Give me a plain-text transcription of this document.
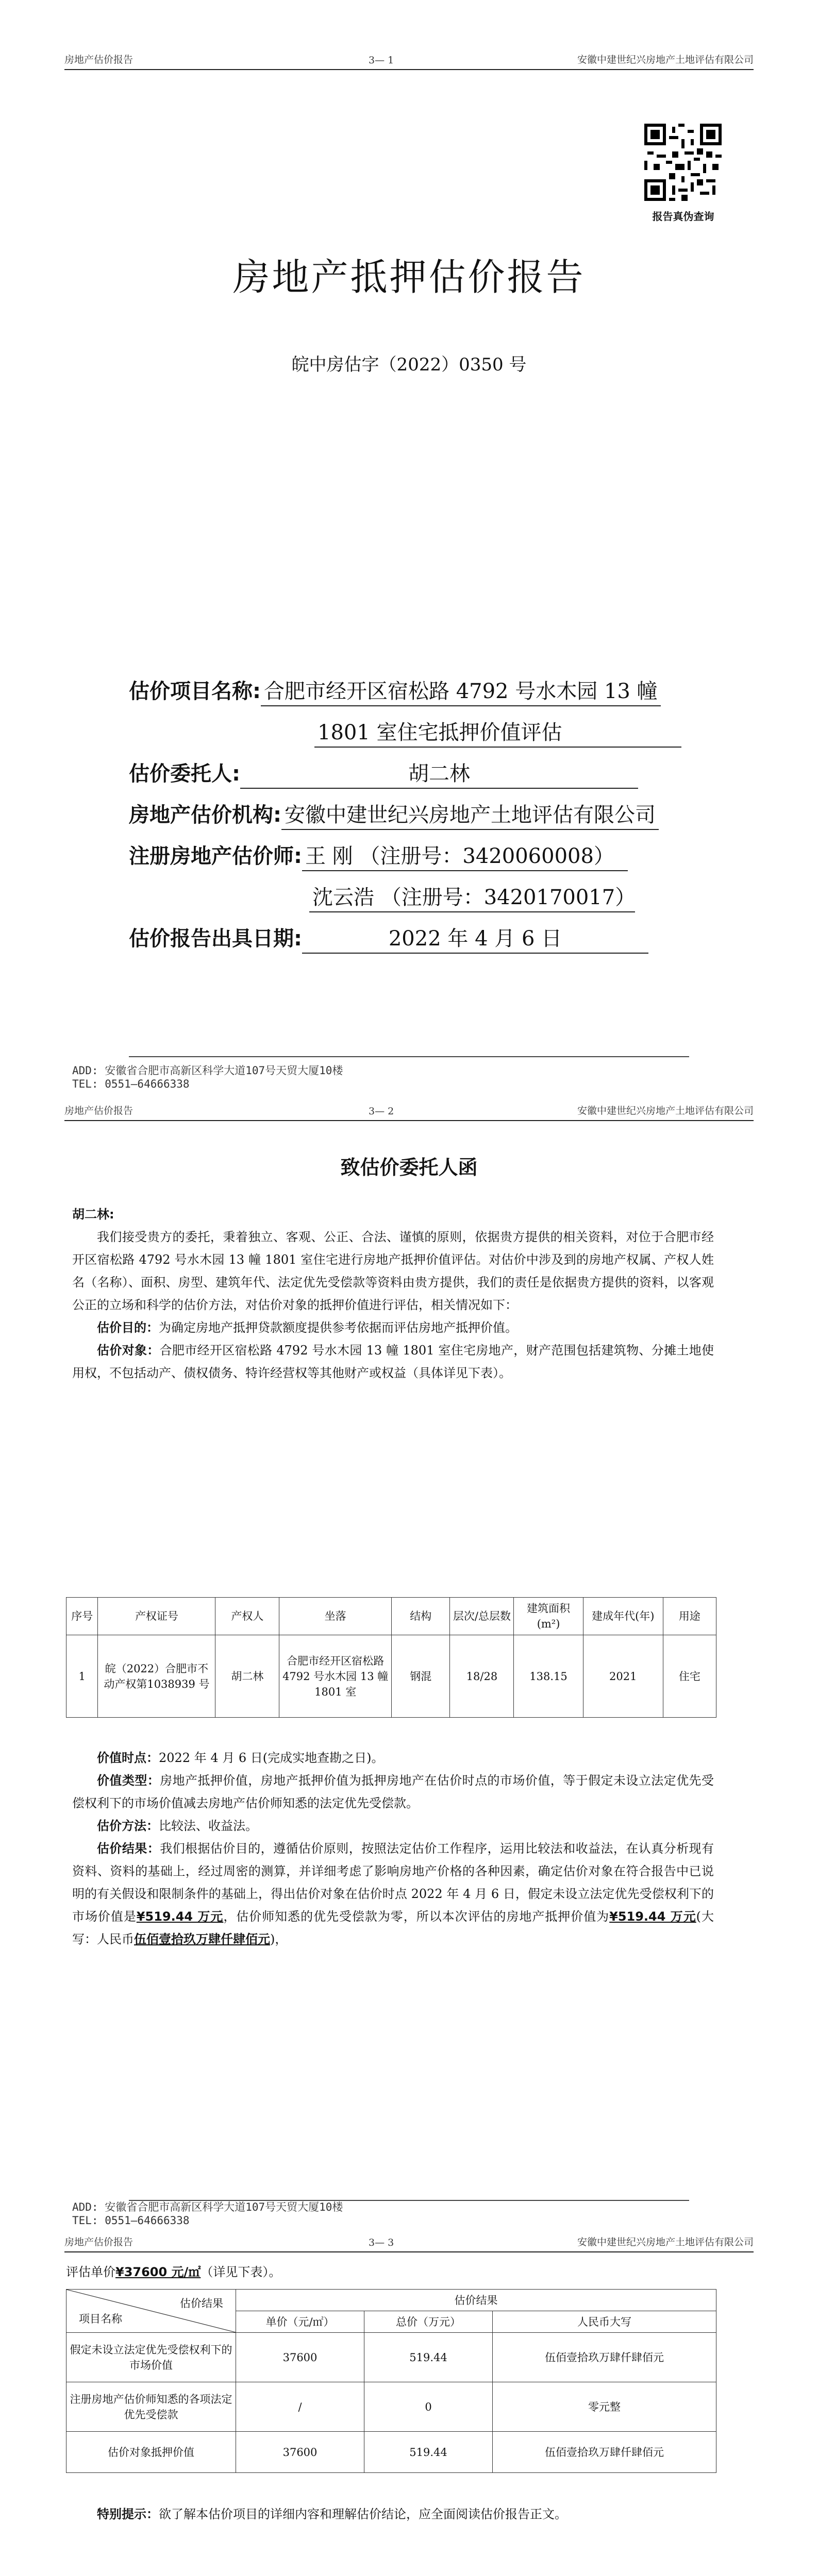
房地产估价报告	3— 1	安徽中建世纪兴房地产土地评估有限公司
报告真伪查询
房地产抵押估价报告
皖中房估字（2022）0350 号
估价项目名称: 合肥市经开区宿松路 4792 号水木园 13 幢
1801 室住宅抵押价值评估
估价委托人:	胡二林
房地产估价机构: 安徽中建世纪兴房地产土地评估有限公司
注册房地产估价师: 王 刚 （注册号：3420060008）
沈云浩 （注册号：3420170017）
估价报告出具日期:	2022 年 4 月 6 日
ADD: 安徽省合肥市高新区科学大道107号天贸大厦10楼
TEL: 0551—64666338
房地产估价报告	3— 2	安徽中建世纪兴房地产土地评估有限公司
致估价委托人函

胡二林:

我们接受贵方的委托，秉着独立、客观、公正、合法、谨慎的原则，依据贵方提供的相关资料，对位于合肥市经开区宿松路 4792 号水木园 13 幢 1801 室住宅进行房地产抵押价值评估。对估价中涉及到的房地产权属、产权人姓名（名称）、面积、房型、建筑年代、法定优先受偿款等资料由贵方提供，我们的责任是依据贵方提供的资料，以客观公正的立场和科学的估价方法，对估价对象的抵押价值进行评估，相关情况如下：

估价目的：为确定房地产抵押贷款额度提供参考依据而评估房地产抵押价值。

估价对象：合肥市经开区宿松路 4792 号水木园 13 幢 1801 室住宅房地产，财产范围包括建筑物、分摊土地使用权，不包括动产、债权债务、特许经营权等其他财产或权益（具体详见下表）。

序号	产权证号	产权人	坐落	结构	层次/总层数	建筑面积(m²)	建成年代(年)	用途
1	皖（2022）合肥市不动产权第1038939 号	胡二林	合肥市经开区宿松路4792 号水木园 13 幢1801 室	钢混	18/28	138.15	2021	住宅

价值时点：2022 年 4 月 6 日(完成实地查勘之日)。

价值类型：房地产抵押价值，房地产抵押价值为抵押房地产在估价时点的市场价值，等于假定未设立法定优先受偿权利下的市场价值减去房地产估价师知悉的法定优先受偿款。

估价方法：比较法、收益法。

估价结果：我们根据估价目的，遵循估价原则，按照法定估价工作程序，运用比较法和收益法，在认真分析现有资料、资料的基础上，经过周密的测算，并详细考虑了影响房地产价格的各种因素，确定估价对象在符合报告中已说明的有关假设和限制条件的基础上，得出估价对象在估价时点 2022 年 4 月 6 日，假定未设立法定优先受偿权利下的市场价值是¥519.44 万元，估价师知悉的优先受偿款为零，所以本次评估的房地产抵押价值为¥519.44 万元(大写：人民币伍佰壹拾玖万肆仟肆佰元)，

ADD: 安徽省合肥市高新区科学大道107号天贸大厦10楼
TEL: 0551—64666338
房地产估价报告	3— 3	安徽中建世纪兴房地产土地评估有限公司

评估单价¥37600 元/㎡（详见下表）。

估价结果
项目名称	估价结果		
	单价（元/㎡）	总价（万元）	人民币大写
假定未设立法定优先受偿权利下的市场价值	37600	519.44	伍佰壹拾玖万肆仟肆佰元
注册房地产估价师知悉的各项法定优先受偿款	/	0	零元整
估价对象抵押价值	37600	519.44	伍佰壹拾玖万肆仟肆佰元

特别提示：欲了解本估价项目的详细内容和理解估价结论，应全面阅读估价报告正文。
